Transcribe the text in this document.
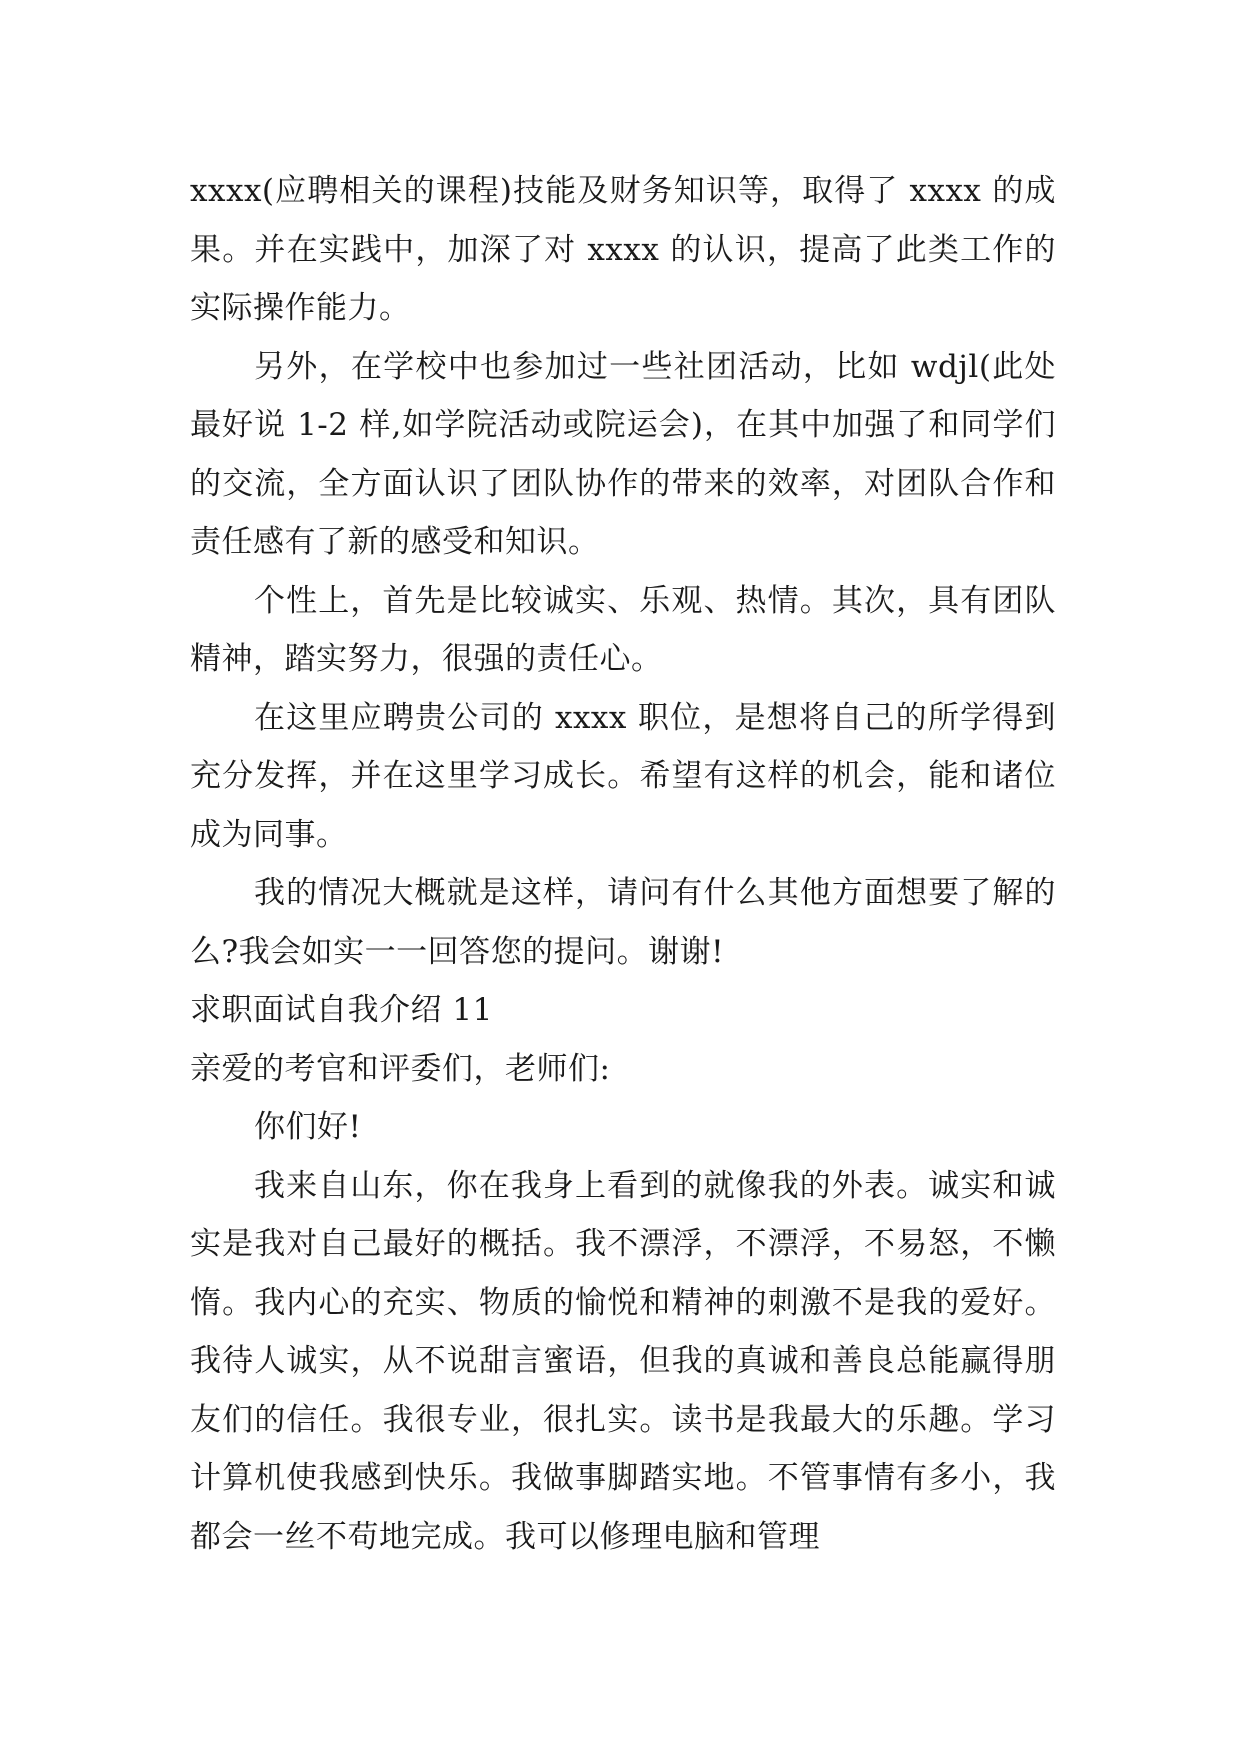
xxxx(应聘相关的课程)技能及财务知识等，取得了 xxxx 的成果。并在实践中，加深了对 xxxx 的认识，提高了此类工作的实际操作能力。

另外，在学校中也参加过一些社团活动，比如 wdjl(此处最好说 1-2 样,如学院活动或院运会)，在其中加强了和同学们的交流，全方面认识了团队协作的带来的效率，对团队合作和责任感有了新的感受和知识。

个性上，首先是比较诚实、乐观、热情。其次，具有团队精神，踏实努力，很强的责任心。

在这里应聘贵公司的 xxxx 职位，是想将自己的所学得到充分发挥，并在这里学习成长。希望有这样的机会，能和诸位成为同事。

我的情况大概就是这样，请问有什么其他方面想要了解的么?我会如实一一回答您的提问。谢谢!

求职面试自我介绍 11

亲爱的考官和评委们，老师们:

你们好!

我来自山东，你在我身上看到的就像我的外表。诚实和诚实是我对自己最好的概括。我不漂浮，不漂浮，不易怒，不懒惰。我内心的充实、物质的愉悦和精神的刺激不是我的爱好。我待人诚实，从不说甜言蜜语，但我的真诚和善良总能赢得朋友们的信任。我很专业，很扎实。读书是我最大的乐趣。学习计算机使我感到快乐。我做事脚踏实地。不管事情有多小，我都会一丝不苟地完成。我可以修理电脑和管理
